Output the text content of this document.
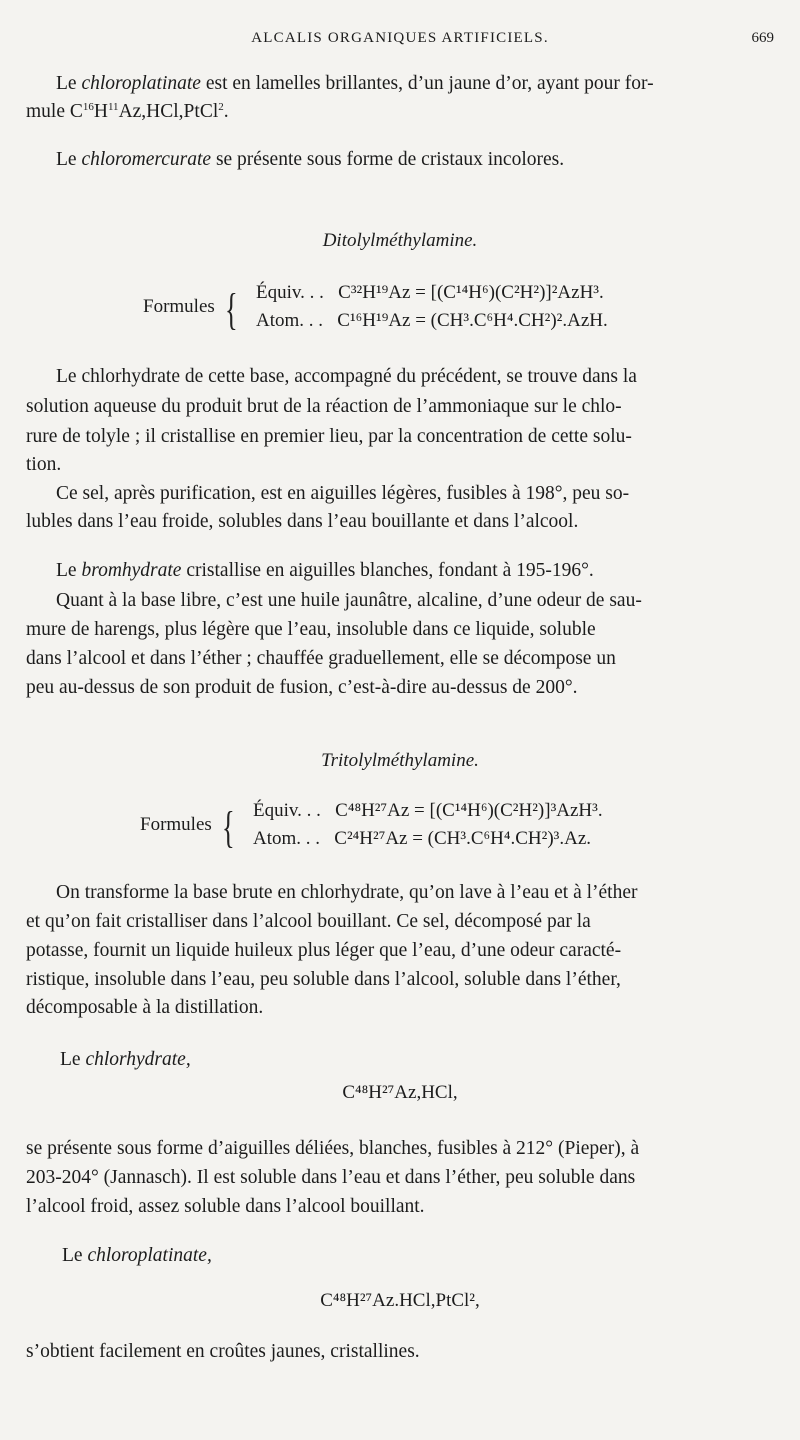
ALCALIS ORGANIQUES ARTIFICIELS.	669
Le chloroplatinate est en lamelles brillantes, d’un jaune d’or, ayant pour for-
mule $C^{16}H^{11}Az,HCl,PtCl^2$.
Le chloromercurate se présente sous forme de cristaux incolores.
Ditolylméthylamine.
Formules { Équiv. . . C³²H¹⁹Az = [(C¹⁴H⁶)(C²H²)]²AzH³.
Atom. . . C¹⁶H¹⁹Az = (CH³.C⁶H⁴.CH²)².AzH.
Le chlorhydrate de cette base, accompagné du précédent, se trouve dans la
solution aqueuse du produit brut de la réaction de l’ammoniaque sur le chlo-
rure de tolyle ; il cristallise en premier lieu, par la concentration de cette solu-
tion.
Ce sel, après purification, est en aiguilles légères, fusibles à 198°, peu so-
lubles dans l’eau froide, solubles dans l’eau bouillante et dans l’alcool.
Le bromhydrate cristallise en aiguilles blanches, fondant à 195-196°.
Quant à la base libre, c’est une huile jaunâtre, alcaline, d’une odeur de sau-
mure de harengs, plus légère que l’eau, insoluble dans ce liquide, soluble
dans l’alcool et dans l’éther ; chauffée graduellement, elle se décompose un
peu au-dessus de son produit de fusion, c’est-à-dire au-dessus de 200°.
Tritolylméthylamine.
Formules { Équiv. . . C⁴⁸H²⁷Az = [(C¹⁴H⁶)(C²H²)]³AzH³.
Atom. . . C²⁴H²⁷Az = (CH³.C⁶H⁴.CH²)³.Az.
On transforme la base brute en chlorhydrate, qu’on lave à l’eau et à l’éther
et qu’on fait cristalliser dans l’alcool bouillant. Ce sel, décomposé par la
potasse, fournit un liquide huileux plus léger que l’eau, d’une odeur caracté-
ristique, insoluble dans l’eau, peu soluble dans l’alcool, soluble dans l’éther,
décomposable à la distillation.
Le chlorhydrate,
C⁴⁸H²⁷Az,HCl,
se présente sous forme d’aiguilles déliées, blanches, fusibles à 212° (Pieper), à
203-204° (Jannasch). Il est soluble dans l’eau et dans l’éther, peu soluble dans
l’alcool froid, assez soluble dans l’alcool bouillant.
Le chloroplatinate,
C⁴⁸H²⁷Az.HCl,PtCl²,
s’obtient facilement en croûtes jaunes, cristallines.
